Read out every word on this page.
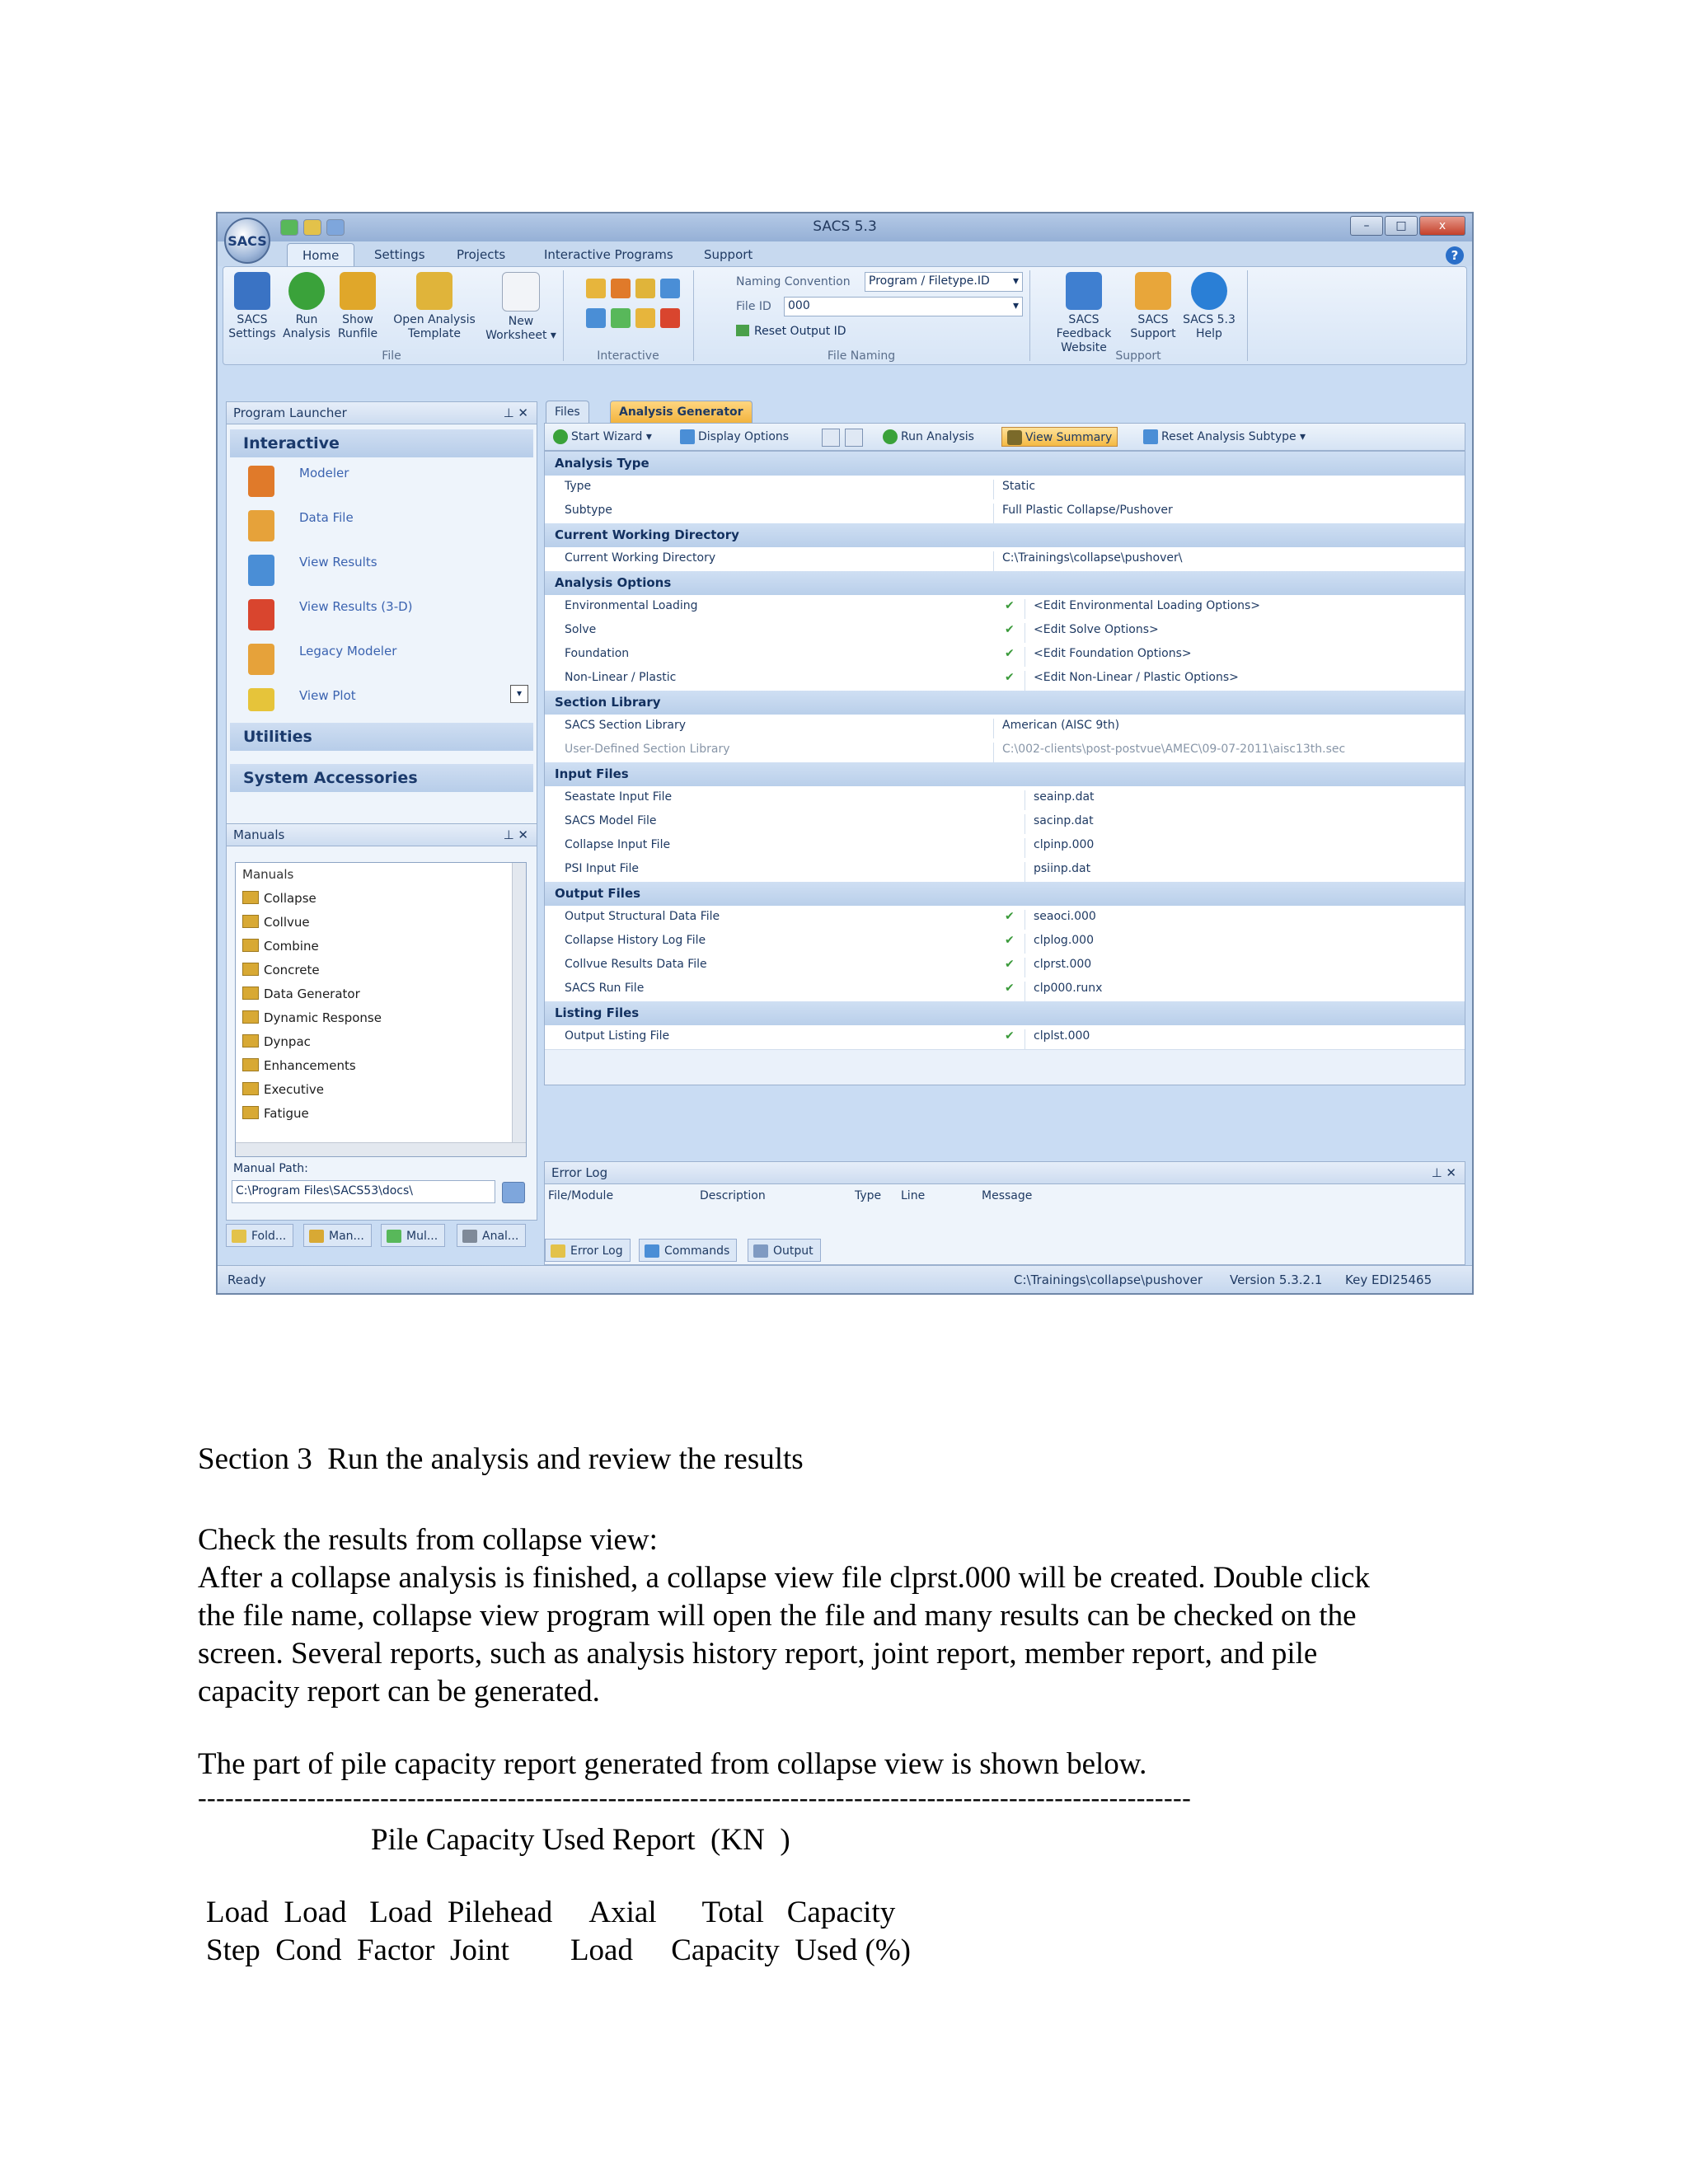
SACS 5.3	–	□	x
SACS
Home	Settings	Projects	Interactive Programs	Support	?
SACS
Settings
Run
Analysis
Show
Runfile
Open Analysis
Template
New
Worksheet ▾
File	Interactive
Naming Convention	Program / Filetype.ID ▾
File ID	000	▾
Reset Output ID
File Naming
SACS Feedback
Website
SACS
Support
SACS 5.3
Help
Support
Program Launcher	⊥ ✕
Interactive
Modeler
Data File
View Results
View Results (3-D)
Legacy Modeler
View Plot	▾
Utilities
System Accessories
Manuals	⊥ ✕
Manuals
Collapse
Collvue
Combine
Concrete
Data Generator
Dynamic Response
Dynpac
Enhancements
Executive
Fatigue
Manual Path:
C:\Program Files\SACS53\docs\
Fold...	Man...	Mul...	Anal...
Files	Analysis Generator
Start Wizard ▾	Display Options	Run Analysis	View Summary	Reset Analysis Subtype ▾
Analysis Type
Type	Static
Subtype	Full Plastic Collapse/Pushover
Current Working Directory
Current Working Directory	C:\Trainings\collapse\pushover\
Analysis Options
Environmental Loading	✔	<Edit Environmental Loading Options>
Solve	✔	<Edit Solve Options>
Foundation	✔	<Edit Foundation Options>
Non-Linear / Plastic	✔	<Edit Non-Linear / Plastic Options>
Section Library
SACS Section Library	American (AISC 9th)
User-Defined Section Library	C:\002-clients\post-postvue\AMEC\09-07-2011\aisc13th.sec
Input Files
Seastate Input File	seainp.dat
SACS Model File	sacinp.dat
Collapse Input File	clpinp.000
PSI Input File	psiinp.dat
Output Files
Output Structural Data File	✔	seaoci.000
Collapse History Log File	✔	clplog.000
Collvue Results Data File	✔	clprst.000
SACS Run File	✔	clp000.runx
Listing Files
Output Listing File	✔	clplst.000
Error Log	⊥ ✕
File/Module	Description	Type Line	Message
Error Log	Commands	Output
Ready	C:\Trainings\collapse\pushover Version 5.3.2.1 Key EDI25465
Section 3  Run the analysis and review the results
Check the results from collapse view:
After a collapse analysis is finished, a collapse view file clprst.000 will be created. Double click
the file name, collapse view program will open the file and many results can be checked on the
screen. Several reports, such as analysis history report, joint report, member report, and pile
capacity report can be generated.
The part of pile capacity report generated from collapse view is shown below.
-------------------------------------------------------------------------------------------------------------
Pile Capacity Used Report  (KN  )
Load  Load   Load  Pilehead     Axial      Total   Capacity
Step  Cond  Factor  Joint        Load     Capacity  Used (%)
